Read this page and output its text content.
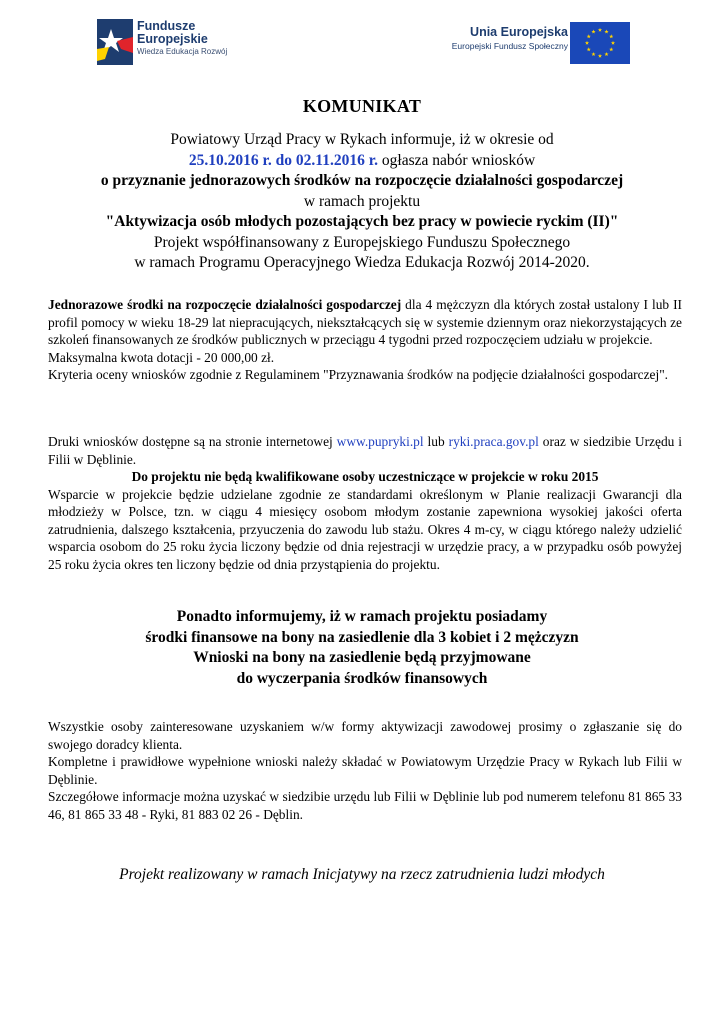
Fundusze
Europejskie
Wiedza Edukacja Rozwój
Unia Europejska
Europejski Fundusz Społeczny
KOMUNIKAT
Powiatowy Urząd Pracy w Rykach informuje, iż w okresie od
25.10.2016 r. do 02.11.2016 r. ogłasza nabór wniosków
o przyznanie jednorazowych środków na rozpoczęcie działalności gospodarczej
w ramach projektu
"Aktywizacja osób młodych pozostających bez pracy w powiecie ryckim (II)"
Projekt współfinansowany z Europejskiego Funduszu Społecznego
w ramach Programu Operacyjnego Wiedza Edukacja Rozwój 2014-2020.

Jednorazowe środki na rozpoczęcie działalności gospodarczej dla 4 mężczyzn dla których został ustalony I lub II profil pomocy w wieku 18-29 lat niepracujących, niekształcących się w systemie dziennym oraz niekorzystających ze szkoleń finansowanych ze środków publicznych w przeciągu 4 tygodni przed rozpoczęciem udziału w projekcie.

Maksymalna kwota dotacji - 20 000,00 zł.

Kryteria oceny wniosków zgodnie z Regulaminem "Przyznawania środków na podjęcie działalności gospodarczej".

Druki wniosków dostępne są na stronie internetowej www.pupryki.pl lub ryki.praca.gov.pl oraz w siedzibie Urzędu i Filii w Dęblinie.

Do projektu nie będą kwalifikowane osoby uczestniczące w projekcie w roku 2015

Wsparcie w projekcie będzie udzielane zgodnie ze standardami określonym w Planie realizacji Gwarancji dla młodzieży w Polsce, tzn. w ciągu 4 miesięcy osobom młodym zostanie zapewniona wysokiej jakości oferta zatrudnienia, dalszego kształcenia, przyuczenia do zawodu lub stażu. Okres 4 m-cy, w ciągu którego należy udzielić wsparcia osobom do 25 roku życia liczony będzie od dnia rejestracji w urzędzie pracy, a w przypadku osób powyżej 25 roku życia okres ten liczony będzie od dnia przystąpienia do projektu.

Ponadto informujemy, iż w ramach projektu posiadamy
środki finansowe na bony na zasiedlenie dla 3 kobiet i 2 mężczyzn
Wnioski na bony na zasiedlenie będą przyjmowane
do wyczerpania środków finansowych

Wszystkie osoby zainteresowane uzyskaniem w/w formy aktywizacji zawodowej prosimy o zgłaszanie się do swojego doradcy klienta.

Kompletne i prawidłowe wypełnione wnioski należy składać w Powiatowym Urzędzie Pracy w Rykach lub Filii w Dęblinie.

Szczegółowe informacje można uzyskać w siedzibie urzędu lub Filii w Dęblinie lub pod numerem telefonu 81 865 33 46, 81 865 33 48 - Ryki, 81 883 02 26 - Dęblin.

Projekt realizowany w ramach Inicjatywy na rzecz zatrudnienia ludzi młodych
